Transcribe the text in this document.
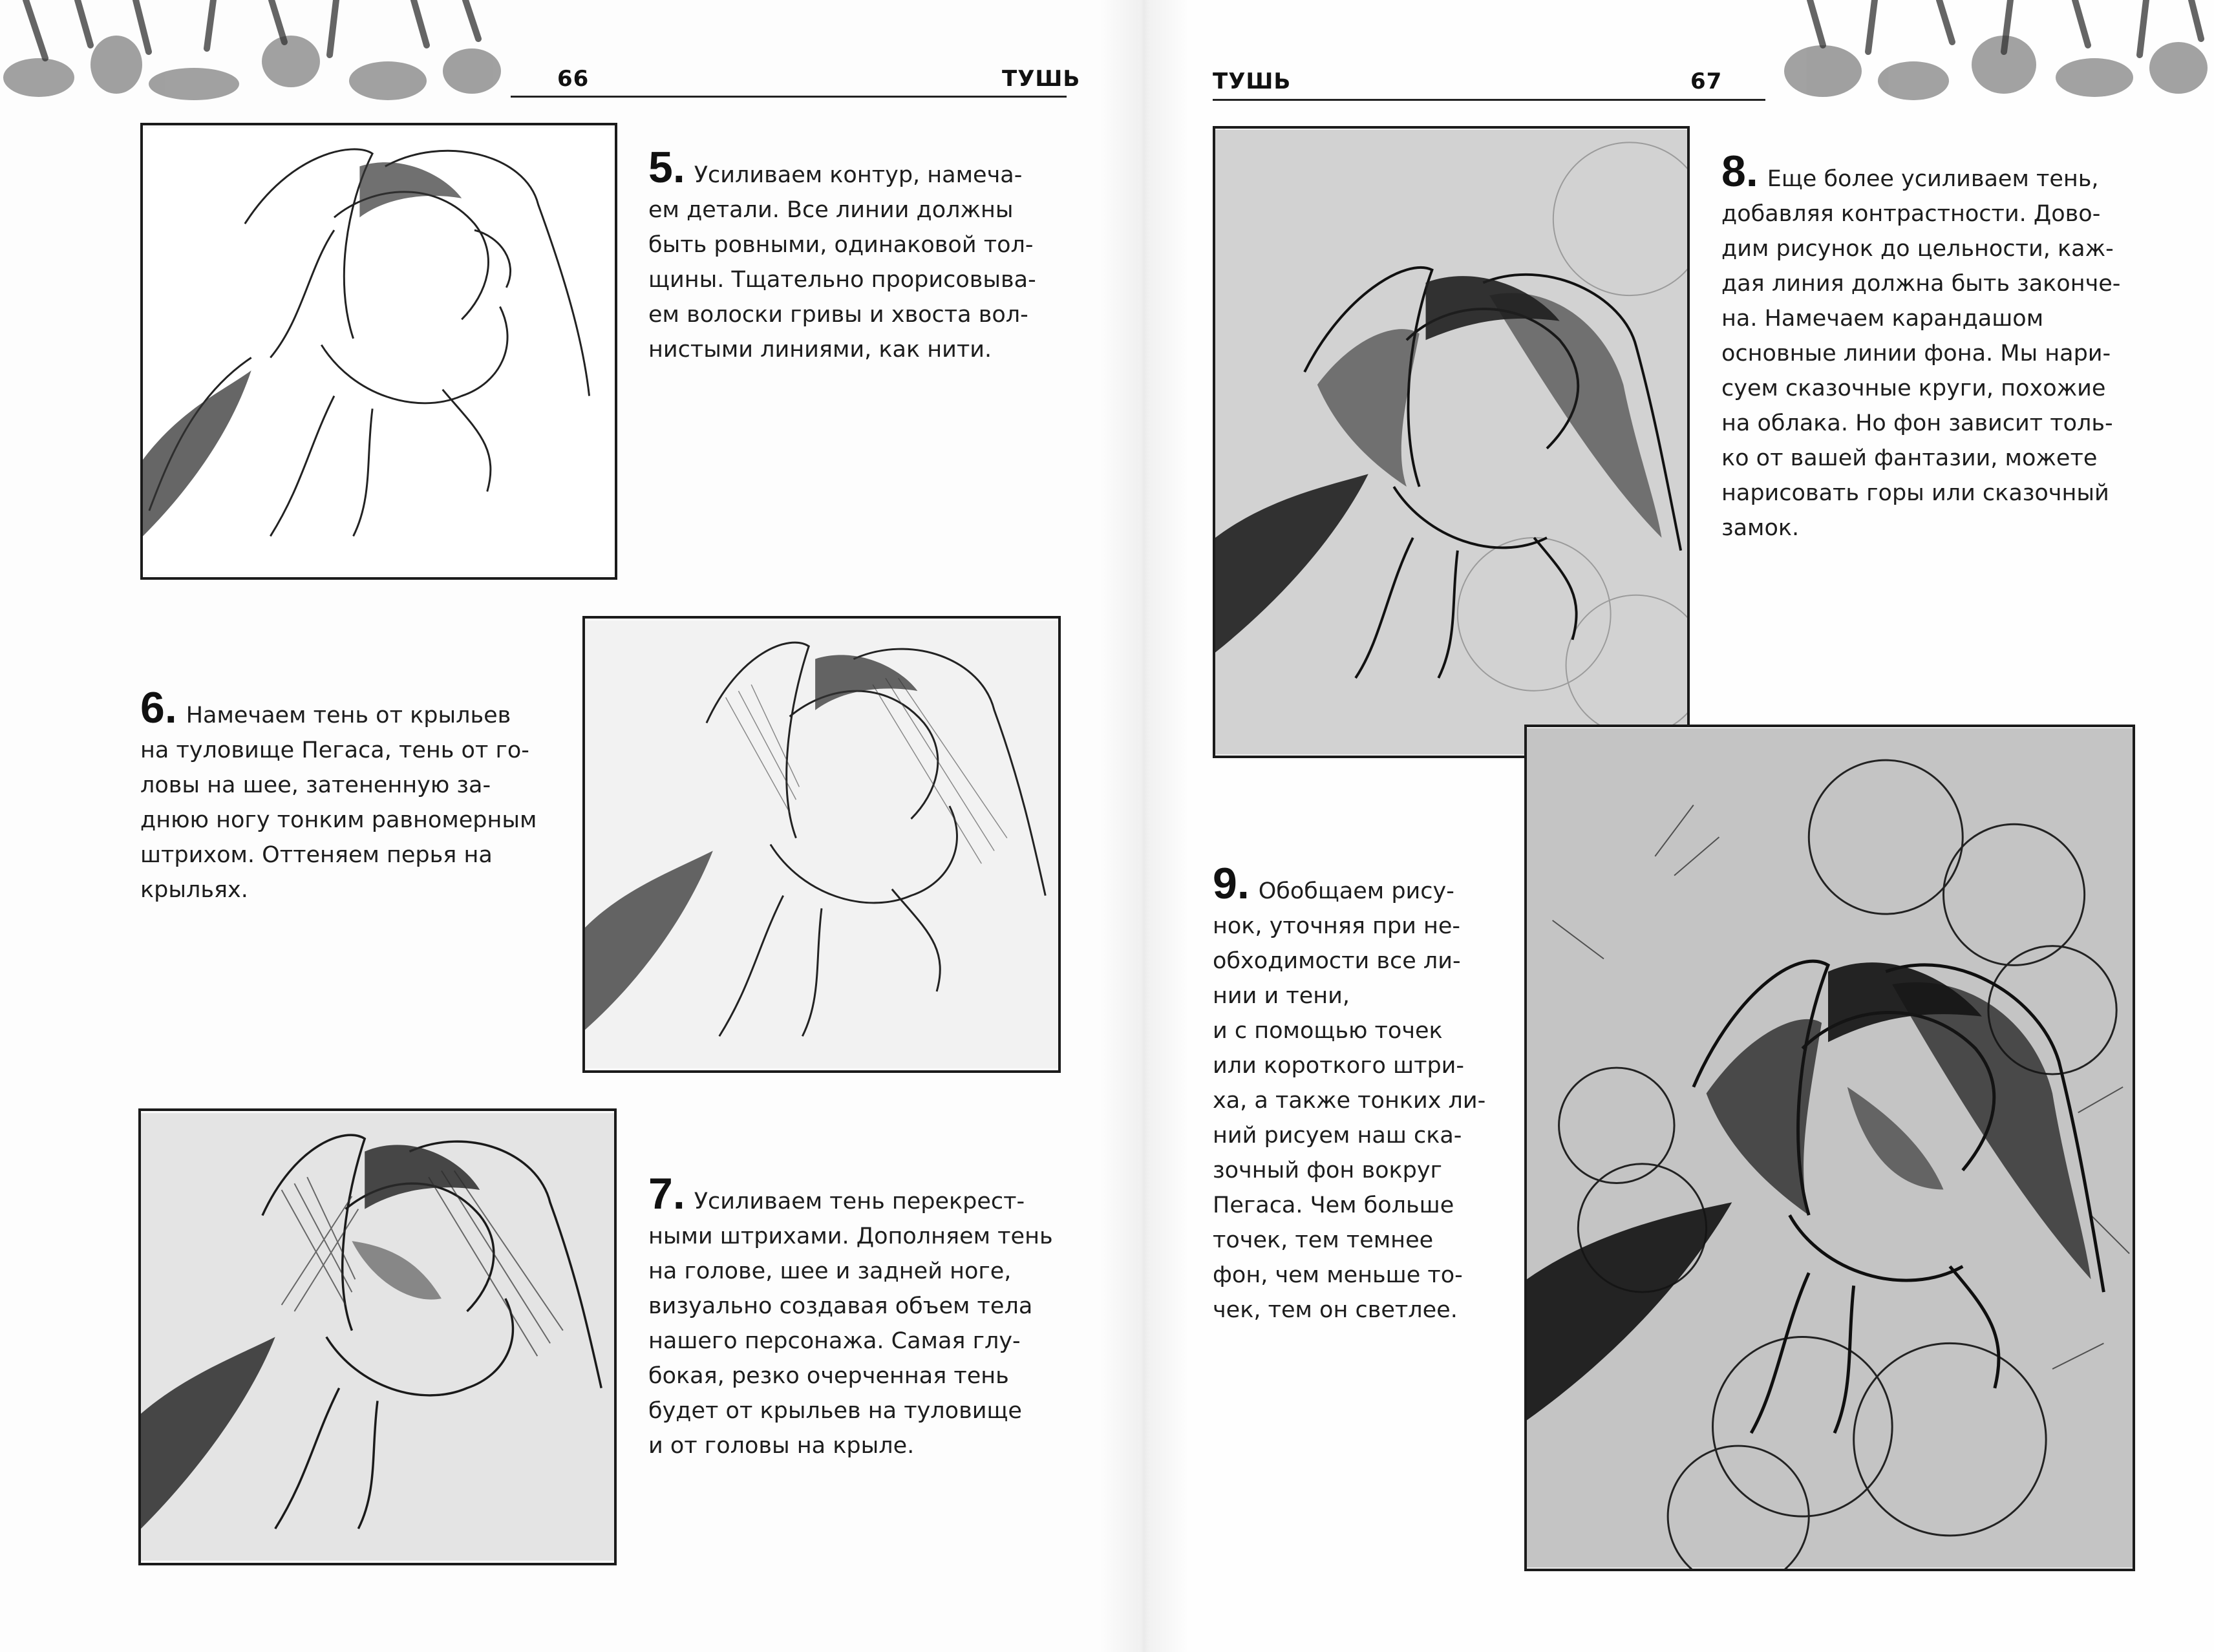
66	ТУШЬ
5. Усиливаем контур, намеча-
ем детали. Все линии должны
быть ровными, одинаковой тол-
щины. Тщательно прорисовыва-
ем волоски гривы и хвоста вол-
нистыми линиями, как нити.
6. Намечаем тень от крыльев
на туловище Пегаса, тень от го-
ловы на шее, затененную за-
днюю ногу тонким равномерным
штрихом. Оттеняем перья на
крыльях.
7. Усиливаем тень перекрест-
ными штрихами. Дополняем тень
на голове, шее и задней ноге,
визуально создавая объем тела
нашего персонажа. Самая глу-
бокая, резко очерченная тень
будет от крыльев на туловище
и от головы на крыле.
ТУШЬ	67
8. Еще более усиливаем тень,
добавляя контрастности. Дово-
дим рисунок до цельности, каж-
дая линия должна быть закончe-
на. Намечаем карандашом
основные линии фона. Мы нари-
суем сказочные круги, похожие
на облака. Но фон зависит толь-
ко от вашей фантазии, можете
нарисовать горы или сказочный
замок.
9. Обобщаем рису-
нок, уточняя при не-
обходимости все ли-
нии и тени,
и с помощью точек
или короткого штри-
ха, а также тонких ли-
ний рисуем наш ска-
зочный фон вокруг
Пегаса. Чем больше
точек, тем темнее
фон, чем меньше то-
чек, тем он светлее.
